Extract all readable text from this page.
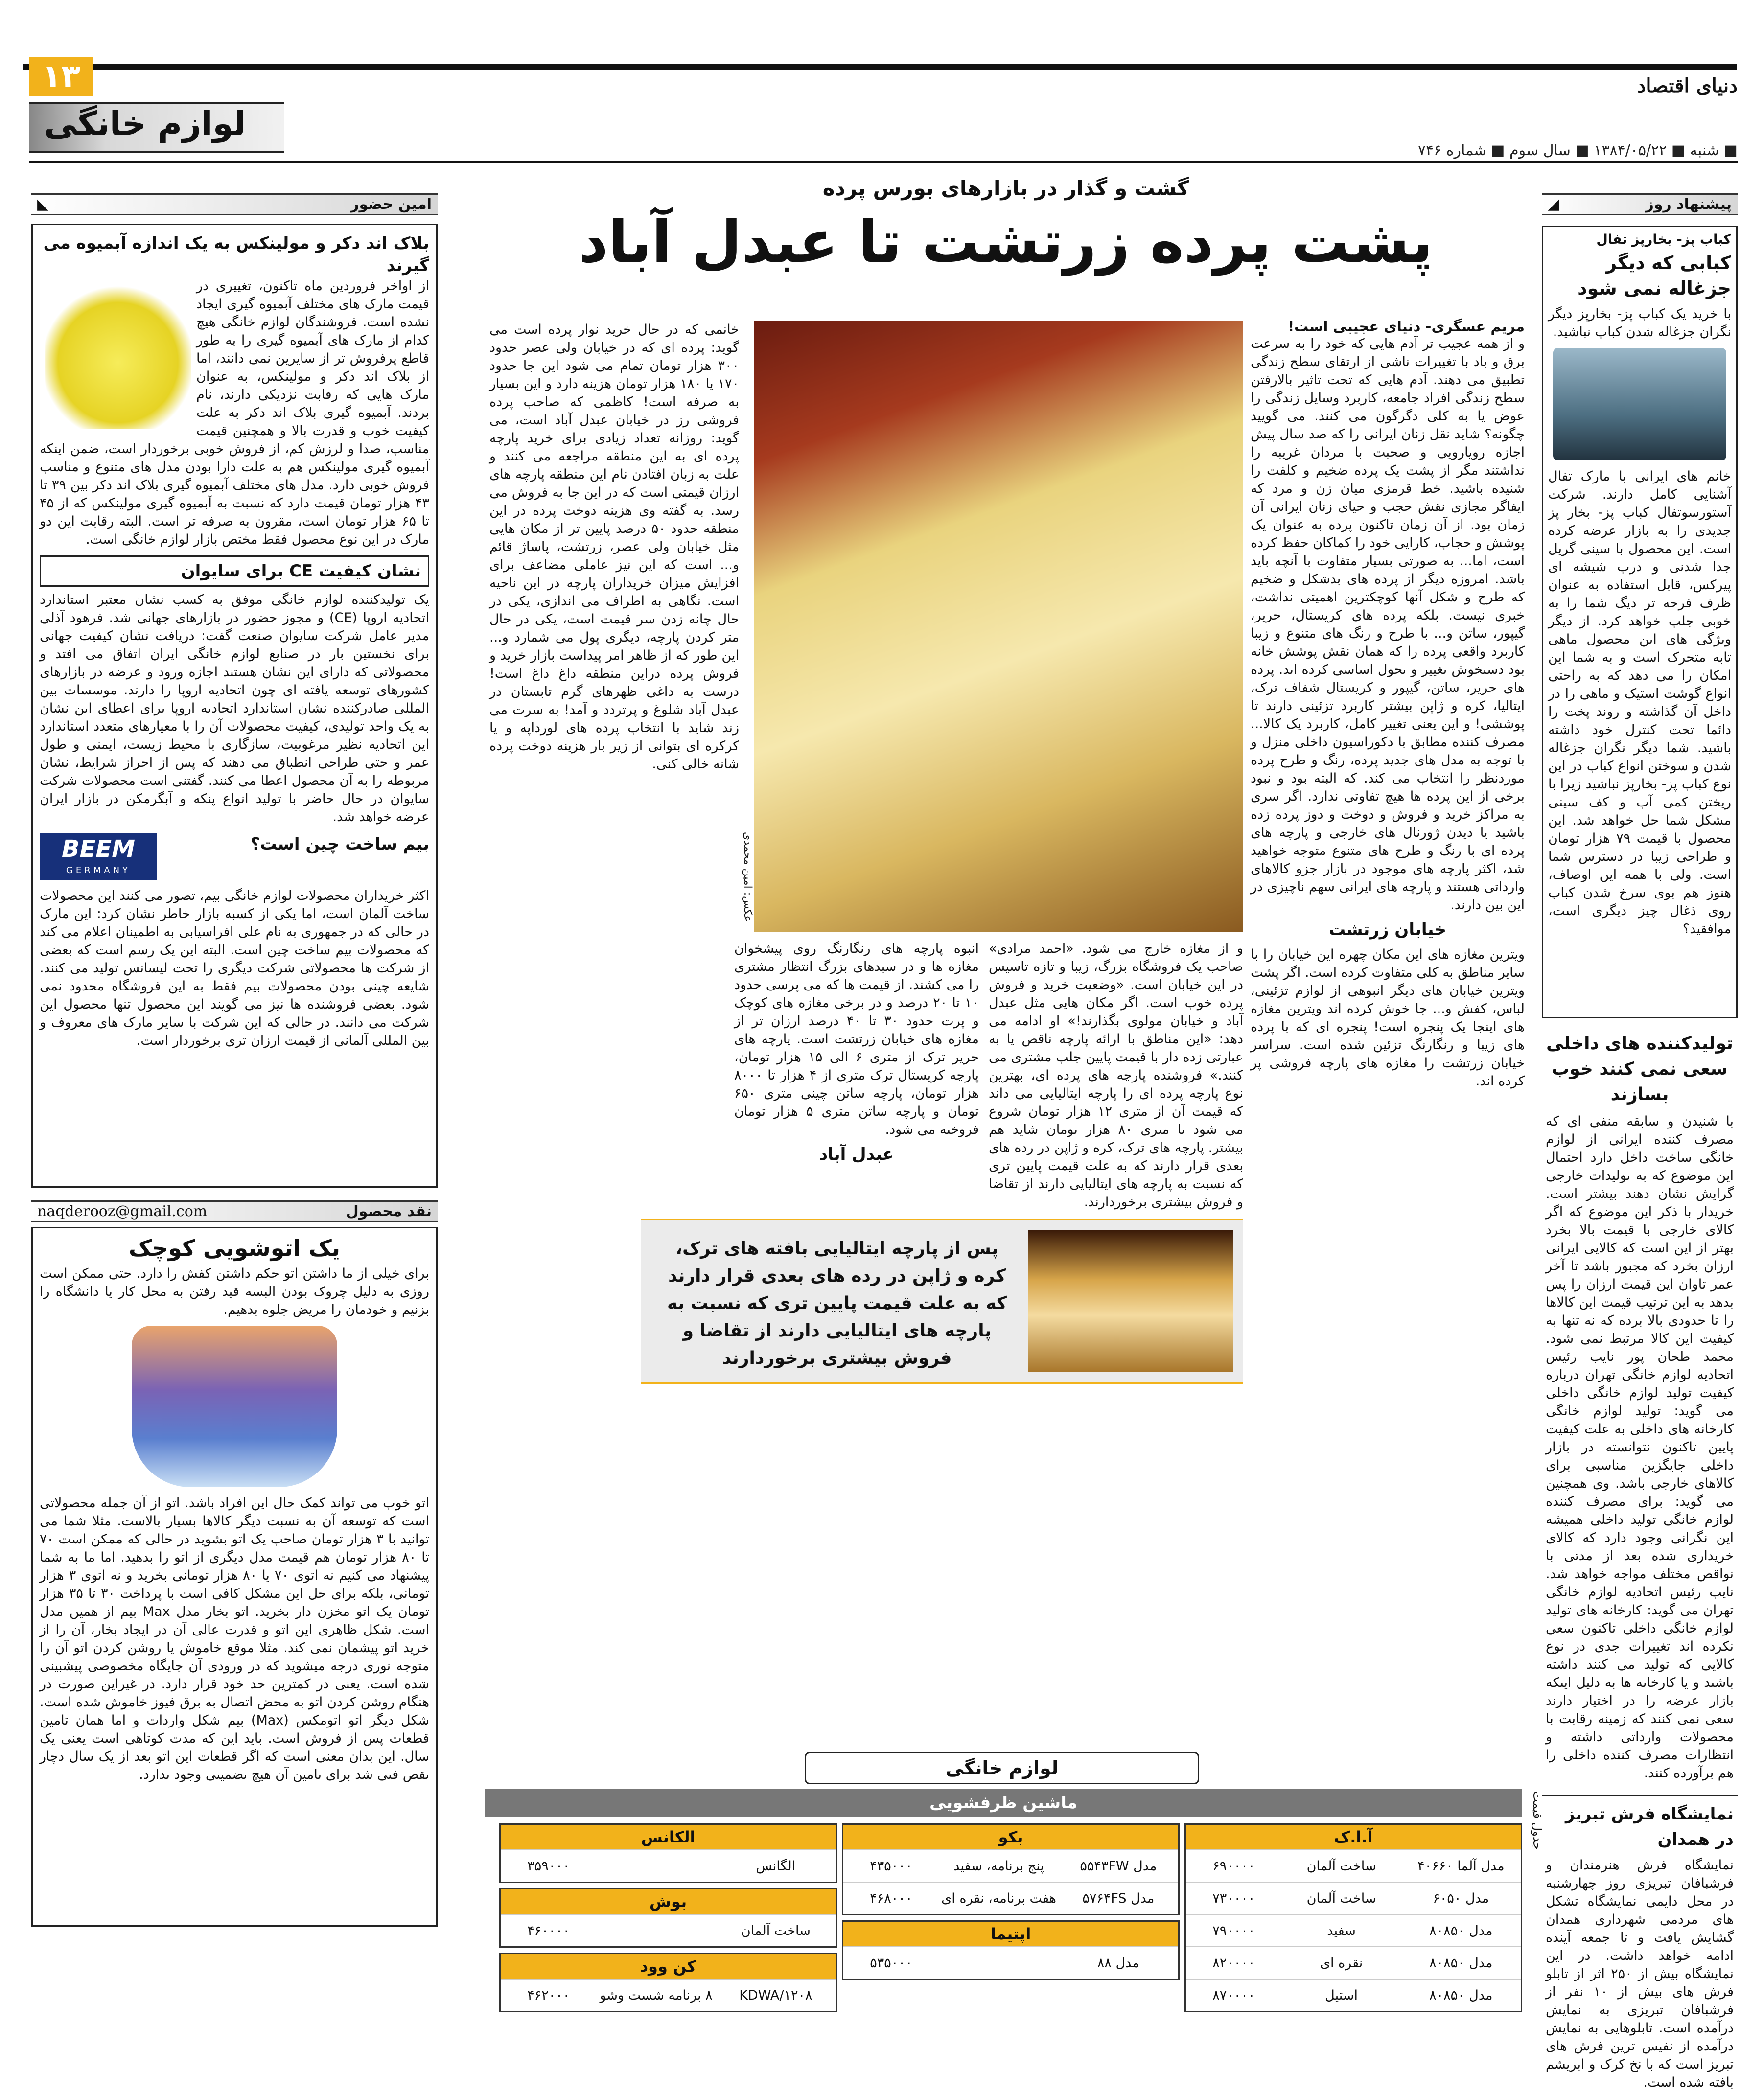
۱۳	دنیای اقتصاد
لوازم خانگی
■ شنبه ■ ۱۳۸۴/۰۵/۲۲ ■ سال سوم ■ شماره ۷۴۶
پیشنهاد روز
◢
کباب پز- بخارپز تفال
کبابی که دیگر جزغاله نمی شود
با خرید یک کباب پز- بخارپز دیگر نگران جزغاله شدن کباب نباشید.
خانم های ایرانی با مارک تفال آشنایی کامل دارند. شرکت آستورسوتفال کباب پز- بخار پز جدیدی را به بازار عرضه کرده است. این محصول با سینی گریل جدا شدنی و درب شیشه ای پیرکس، قابل استفاده به عنوان ظرف فرحه تر دیگ شما را به خوبی جلب خواهد کرد. از دیگر ویژگی های این محصول ماهی تابه متحرک است و به شما این امکان را می دهد که به راحتی انواع گوشت استیک و ماهی را در داخل آن گذاشته و روند پخت را دائما تحت کنترل خود داشته باشید. شما دیگر نگران جزغاله شدن و سوختن انواع کباب در این نوع کباب پز- بخارپز نباشید زیرا با ریختن کمی آب و کف سینی مشکل شما حل خواهد شد. این محصول با قیمت ۷۹ هزار تومان و طراحی زیبا در دسترس شما است. ولی با همه این اوصاف، هنوز هم بوی سرخ شدن کباب روی ذغال چیز دیگری است، موافقید؟
تولیدکننده های داخلی سعی نمی کنند خوب بسازند
با شنیدن و سابقه منفی ای که مصرف کننده ایرانی از لوازم خانگی ساخت داخل دارد احتمال این موضوع که به تولیدات خارجی گرایش نشان دهند بیشتر است. خریدار با ذکر این موضوع که اگر کالای خارجی با قیمت بالا بخرد بهتر از این است که کالایی ایرانی ارزان بخرد که مجبور باشد تا آخر عمر تاوان این قیمت ارزان را پس بدهد به این ترتیب قیمت این کالاها را تا حدودی بالا برده که نه تنها به کیفیت این کالا مرتبط نمی شود. محمد طحان پور نایب رئیس اتحادیه لوازم خانگی تهران درباره کیفیت تولید لوازم خانگی داخلی می گوید: تولید لوازم خانگی کارخانه های داخلی به علت کیفیت پایین تاکنون نتوانسته در بازار داخلی جایگزین مناسبی برای کالاهای خارجی باشد. وی همچنین می گوید: برای مصرف کننده لوازم خانگی تولید داخلی همیشه این نگرانی وجود دارد که کالای خریداری شده بعد از مدتی با نواقص مختلف مواجه خواهد شد. نایب رئیس اتحادیه لوازم خانگی تهران می گوید: کارخانه های تولید لوازم خانگی داخلی تاکنون سعی نکرده اند تغییرات جدی در نوع کالایی که تولید می کنند داشته باشند و یا کارخانه ها به دلیل اینکه بازار عرضه را در اختیار دارند سعی نمی کنند که زمینه رقابت با محصولات وارداتی داشته و انتظارات مصرف کننده داخلی را هم برآورده کنند.
نمایشگاه فرش تبریز در همدان
نمایشگاه فرش هنرمندان و فرشبافان تبریزی روز چهارشنبه در محل دایمی نمایشگاه تشکل های مردمی شهرداری همدان گشایش یافت و تا جمعه آینده ادامه خواهد داشت. در این نمایشگاه بیش از ۲۵۰ اثر از تابلو فرش های بیش از ۱۰ نفر از فرشبافان تبریزی به نمایش درآمده است. تابلوهایی به نمایش درآمده از نفیس ترین فرش های تبریز است که با نخ کرک و ابریشم بافته شده است.
گشت و گذار در بازارهای بورس پرده
پشت پرده زرتشت تا عبدل آباد
مریم عسگری- دنیای عجیبی است!
و از همه عجیب تر آدم هایی که خود را به سرعت برق و باد با تغییرات ناشی از ارتقای سطح زندگی تطبیق می دهند. آدم هایی که تحت تاثیر بالارفتن سطح زندگی افراد جامعه، کاربرد وسایل زندگی را عوض یا به کلی دگرگون می کنند. می گویید چگونه؟ شاید نقل زنان ایرانی را که صد سال پیش اجازه رویارویی و صحبت با مردان غریبه را نداشتند مگر از پشت یک پرده ضخیم و کلفت را شنیده باشید. خط قرمزی میان زن و مرد که ایفاگر مجازی نقش حجب و حیای زنان ایرانی آن زمان بود. از آن زمان تاکنون پرده به عنوان یک پوشش و حجاب، کارایی خود را کماکان حفظ کرده است، اما... به صورتی بسیار متفاوت با آنچه باید باشد. امروزه دیگر از پرده های بدشکل و ضخیم که طرح و شکل آنها کوچکترین اهمیتی نداشت، خبری نیست. بلکه پرده های کریستال، حریر، گیپور، ساتن و... با طرح و رنگ های متنوع و زیبا کاربرد واقعی پرده را که همان نقش پوشش خانه بود دستخوش تغییر و تحول اساسی کرده اند. پرده های حریر، ساتن، گیپور و کریستال شفاف ترک، ایتالیا، کره و ژاپن بیشتر کاربرد تزئینی دارند تا پوششی! و این یعنی تغییر کامل، کاربرد یک کالا... مصرف کننده مطابق با دکوراسیون داخلی منزل و با توجه به مدل های جدید پرده، رنگ و طرح پرده موردنظر را انتخاب می کند. که البته بود و نبود برخی از این پرده ها هیچ تفاوتی ندارد. اگر سری به مراکز خرید و فروش و دوخت و دوز پرده زده باشید یا دیدن ژورنال های خارجی و پارچه های پرده ای با رنگ و طرح های متنوع متوجه خواهید شد، اکثر پارچه های موجود در بازار جزو کالاهای وارداتی هستند و پارچه های ایرانی سهم ناچیزی در این بین دارند.
خیابان زرتشت
ویترین مغازه های این مکان چهره این خیابان را با سایر مناطق به کلی متفاوت کرده است. اگر پشت ویترین خیابان های دیگر انبوهی از لوازم تزئینی، لباس، کفش و... جا خوش کرده اند ویترین مغازه های اینجا یک پنجره است! پنجره ای که با پرده های زیبا و رنگارنگ تزئین شده است. سراسر خیابان زرتشت را مغازه های پارچه فروشی پر کرده اند.
عکس: امین محمدی
خانمی که در حال خرید نوار پرده است می گوید: پرده ای که در خیابان ولی عصر حدود ۳۰۰ هزار تومان تمام می شود این جا حدود ۱۷۰ یا ۱۸۰ هزار تومان هزینه دارد و این بسیار به صرفه است! کاظمی که صاحب پرده فروشی رز در خیابان عبدل آباد است، می گوید: روزانه تعداد زیادی برای خرید پارچه پرده ای به این منطقه مراجعه می کنند و علت به زبان افتادن نام این منطقه پارچه های ارزان قیمتی است که در این جا به فروش می رسد. به گفته وی هزینه دوخت پرده در این منطقه حدود ۵۰ درصد پایین تر از مکان هایی مثل خیابان ولی عصر، زرتشت، پاساژ قائم و... است که این نیز عاملی مضاعف برای افزایش میزان خریداران پارچه در این ناحیه است. نگاهی به اطراف می اندازی، یکی در حال چانه زدن سر قیمت است، یکی در حال متر کردن پارچه، دیگری پول می شمارد و... این طور که از ظاهر امر پیداست بازار خرید و فروش پرده دراین منطقه داغ داغ است! درست به داغی ظهرهای گرم تابستان در عبدل آباد شلوغ و پرتردد و آمد! به سرت می زند شاید با انتخاب پرده های لورداپه و یا کرکره ای بتوانی از زیر بار هزینه دوخت پرده شانه خالی کنی.
و از مغازه خارج می شود. «احمد مرادی» صاحب یک فروشگاه بزرگ، زیبا و تازه تاسیس در این خیابان است. «وضعیت خرید و فروش پرده خوب است. اگر مکان هایی مثل عبدل آباد و خیابان مولوی بگذارند!» او ادامه می دهد: «این مناطق با ارائه پارچه ناقص یا به عبارتی زده دار با قیمت پایین جلب مشتری می کنند.» فروشنده پارچه های پرده ای، بهترین نوع پارچه پرده ای را پارچه ایتالیایی می داند که قیمت آن از متری ۱۲ هزار تومان شروع می شود تا متری ۸۰ هزار تومان شاید هم بیشتر. پارچه های ترک، کره و ژاپن در رده های بعدی قرار دارند که به علت قیمت پایین تری که نسبت به پارچه های ایتالیایی دارند از تقاضا و فروش بیشتری برخوردارند.
انبوه پارچه های رنگارنگ روی پیشخوان مغازه ها و در سبدهای بزرگ انتظار مشتری را می کشند. از قیمت ها که می پرسی حدود ۱۰ تا ۲۰ درصد و در برخی مغازه های کوچک و پرت حدود ۳۰ تا ۴۰ درصد ارزان تر از مغازه های خیابان زرتشت است. پارچه های حریر ترک از متری ۶ الی ۱۵ هزار تومان، پارچه کریستال ترک متری از ۴ هزار تا ۸۰۰۰ هزار تومان، پارچه ساتن چینی متری ۶۵۰ تومان و پارچه ساتن متری ۵ هزار تومان فروخته می شود.
عبدل آباد
پس از پارچه ایتالیایی بافته های ترک، کره و ژاپن در رده های بعدی قرار دارند که به علت قیمت پایین تری که نسبت به پارچه های ایتالیایی دارند از تقاضا و فروش بیشتری برخوردارند
امین حضور
◣
بلاک اند دکر و مولینکس به یک اندازه آبمیوه می گیرند
از اواخر فروردین ماه تاکنون، تغییری در قیمت مارک های مختلف آبمیوه گیری ایجاد نشده است. فروشندگان لوازم خانگی هیچ کدام از مارک های آبمیوه گیری را به طور قاطع پرفروش تر از سایرین نمی دانند، اما از بلاک اند دکر و مولینکس، به عنوان مارک هایی که رقابت نزدیکی دارند، نام بردند. آبمیوه گیری بلاک اند دکر به علت کیفیت خوب و قدرت بالا و همچنین قیمت مناسب، صدا و لرزش کم، از فروش خوبی برخوردار است، ضمن اینکه آبمیوه گیری مولینکس هم به علت دارا بودن مدل های متنوع و مناسب فروش خوبی دارد. مدل های مختلف آبمیوه گیری بلاک اند دکر بین ۳۹ تا ۴۳ هزار تومان قیمت دارد که نسبت به آبمیوه گیری مولینکس که از ۴۵ تا ۶۵ هزار تومان است، مقرون به صرفه تر است. البته رقابت این دو مارک در این نوع محصول فقط مختص بازار لوازم خانگی است.
نشان کیفیت CE برای سایوان
یک تولیدکننده لوازم خانگی موفق به کسب نشان معتبر استاندارد اتحادیه اروپا (CE) و مجوز حضور در بازارهای جهانی شد. فرهود آذلی مدیر عامل شرکت سایوان صنعت گفت: دریافت نشان کیفیت جهانی برای نخستین بار در صنایع لوازم خانگی ایران اتفاق می افتد و محصولاتی که دارای این نشان هستند اجازه ورود و عرضه در بازارهای کشورهای توسعه یافته ای چون اتحادیه اروپا را دارند. موسسات بین المللی صادرکننده نشان استاندارد اتحادیه اروپا برای اعطای این نشان به یک واحد تولیدی، کیفیت محصولات آن را با معیارهای متعدد استاندارد این اتحادیه نظیر مرغوبیت، سازگاری با محیط زیست، ایمنی و طول عمر و حتی طراحی انطباق می دهند که پس از احراز شرایط، نشان مربوطه را به آن محصول اعطا می کنند. گفتنی است محصولات شرکت سایوان در حال حاضر با تولید انواع پنکه و آبگرمکن در بازار ایران عرضه خواهد شد.
BEEM
GERMANY
بیم ساخت چین است؟
اکثر خریداران محصولات لوازم خانگی بیم، تصور می کنند این محصولات ساخت آلمان است، اما یکی از کسبه بازار خاطر نشان کرد: این مارک در حالی که در جمهوری به نام علی افراسیابی به اطمینان اعلام می کند که محصولات بیم ساخت چین است. البته این یک رسم است که بعضی از شرکت ها محصولاتی شرکت دیگری را تحت لیسانس تولید می کنند. شایعه چینی بودن محصولات بیم فقط به این فروشگاه محدود نمی شود. بعضی فروشنده ها نیز می گویند این محصول تنها محصول این شرکت می دانند. در حالی که این شرکت با سایر مارک های معروف و بین المللی آلمانی از قیمت ارزان تری برخوردار است.
نقد محصول
naqderooz@gmail.com
یک اتوشویی کوچک
برای خیلی از ما داشتن اتو حکم داشتن کفش را دارد. حتی ممکن است روزی به دلیل چروک بودن البسه قید رفتن به محل کار یا دانشگاه را بزنیم و خودمان را مریض جلوه بدهیم.
اتو خوب می تواند کمک حال این افراد باشد. اتو از آن جمله محصولاتی است که توسعه آن به نسبت دیگر کالاها بسیار بالاست. مثلا شما می توانید با ۳ هزار تومان صاحب یک اتو بشوید در حالی که ممکن است ۷۰ تا ۸۰ هزار تومان هم قیمت مدل دیگری از اتو را بدهید. اما ما به شما پیشنهاد می کنیم نه اتوی ۷۰ یا ۸۰ هزار تومانی بخرید و نه اتوی ۳ هزار تومانی، بلکه برای حل این مشکل کافی است با پرداخت ۳۰ تا ۳۵ هزار تومان یک اتو مخزن دار بخرید. اتو بخار مدل Max بیم از همین مدل است. شکل ظاهری این اتو و قدرت عالی آن در ایجاد بخار، آن را از خرید اتو پیشمان نمی کند. مثلا موقع خاموش یا روشن کردن اتو آن را متوجه نوری درجه میشوید که در ورودی آن جایگاه مخصوصی پیشبینی شده است. یعنی در کمترین حد خود قرار دارد. در غیراین صورت در هنگام روشن کردن اتو به محض اتصال به برق فیوز خاموش شده است. شکل دیگر اتو اتومکس (Max) بیم شکل واردات و اما همان تامین قطعات پس از فروش است. باید این که مدت کوتاهی است یعنی یک سال. این بدان معنی است که اگر قطعات این اتو بعد از یک سال دچار نقص فنی شد برای تامین آن هیچ تضمینی وجود ندارد.	لوازم خانگی
ماشین ظرفشویی
آ.ا.ک
مدل آلما ۴۰۶۶۰
ساخت آلمان
۶۹۰۰۰۰
مدل ۶۰۵۰
ساخت آلمان
۷۳۰۰۰۰
مدل ۸۰۸۵۰
سفید
۷۹۰۰۰۰
مدل ۸۰۸۵۰
نقره ای
۸۲۰۰۰۰
مدل ۸۰۸۵۰
استیل
۸۷۰۰۰۰
بکو
مدل ۵۵۴۳FW
پنج برنامه، سفید
۴۳۵۰۰۰
مدل ۵۷۶۴FS
هفت برنامه، نقره ای
۴۶۸۰۰۰
اپتیما
مدل ۸۸
۵۳۵۰۰۰
الکانس
الگانس
۳۵۹۰۰۰
بوش
ساخت آلمان
۴۶۰۰۰۰
کن وود
KDWA/۱۲۰۸
۸ برنامه شست وشو
۴۶۲۰۰۰
جدول قیمت
